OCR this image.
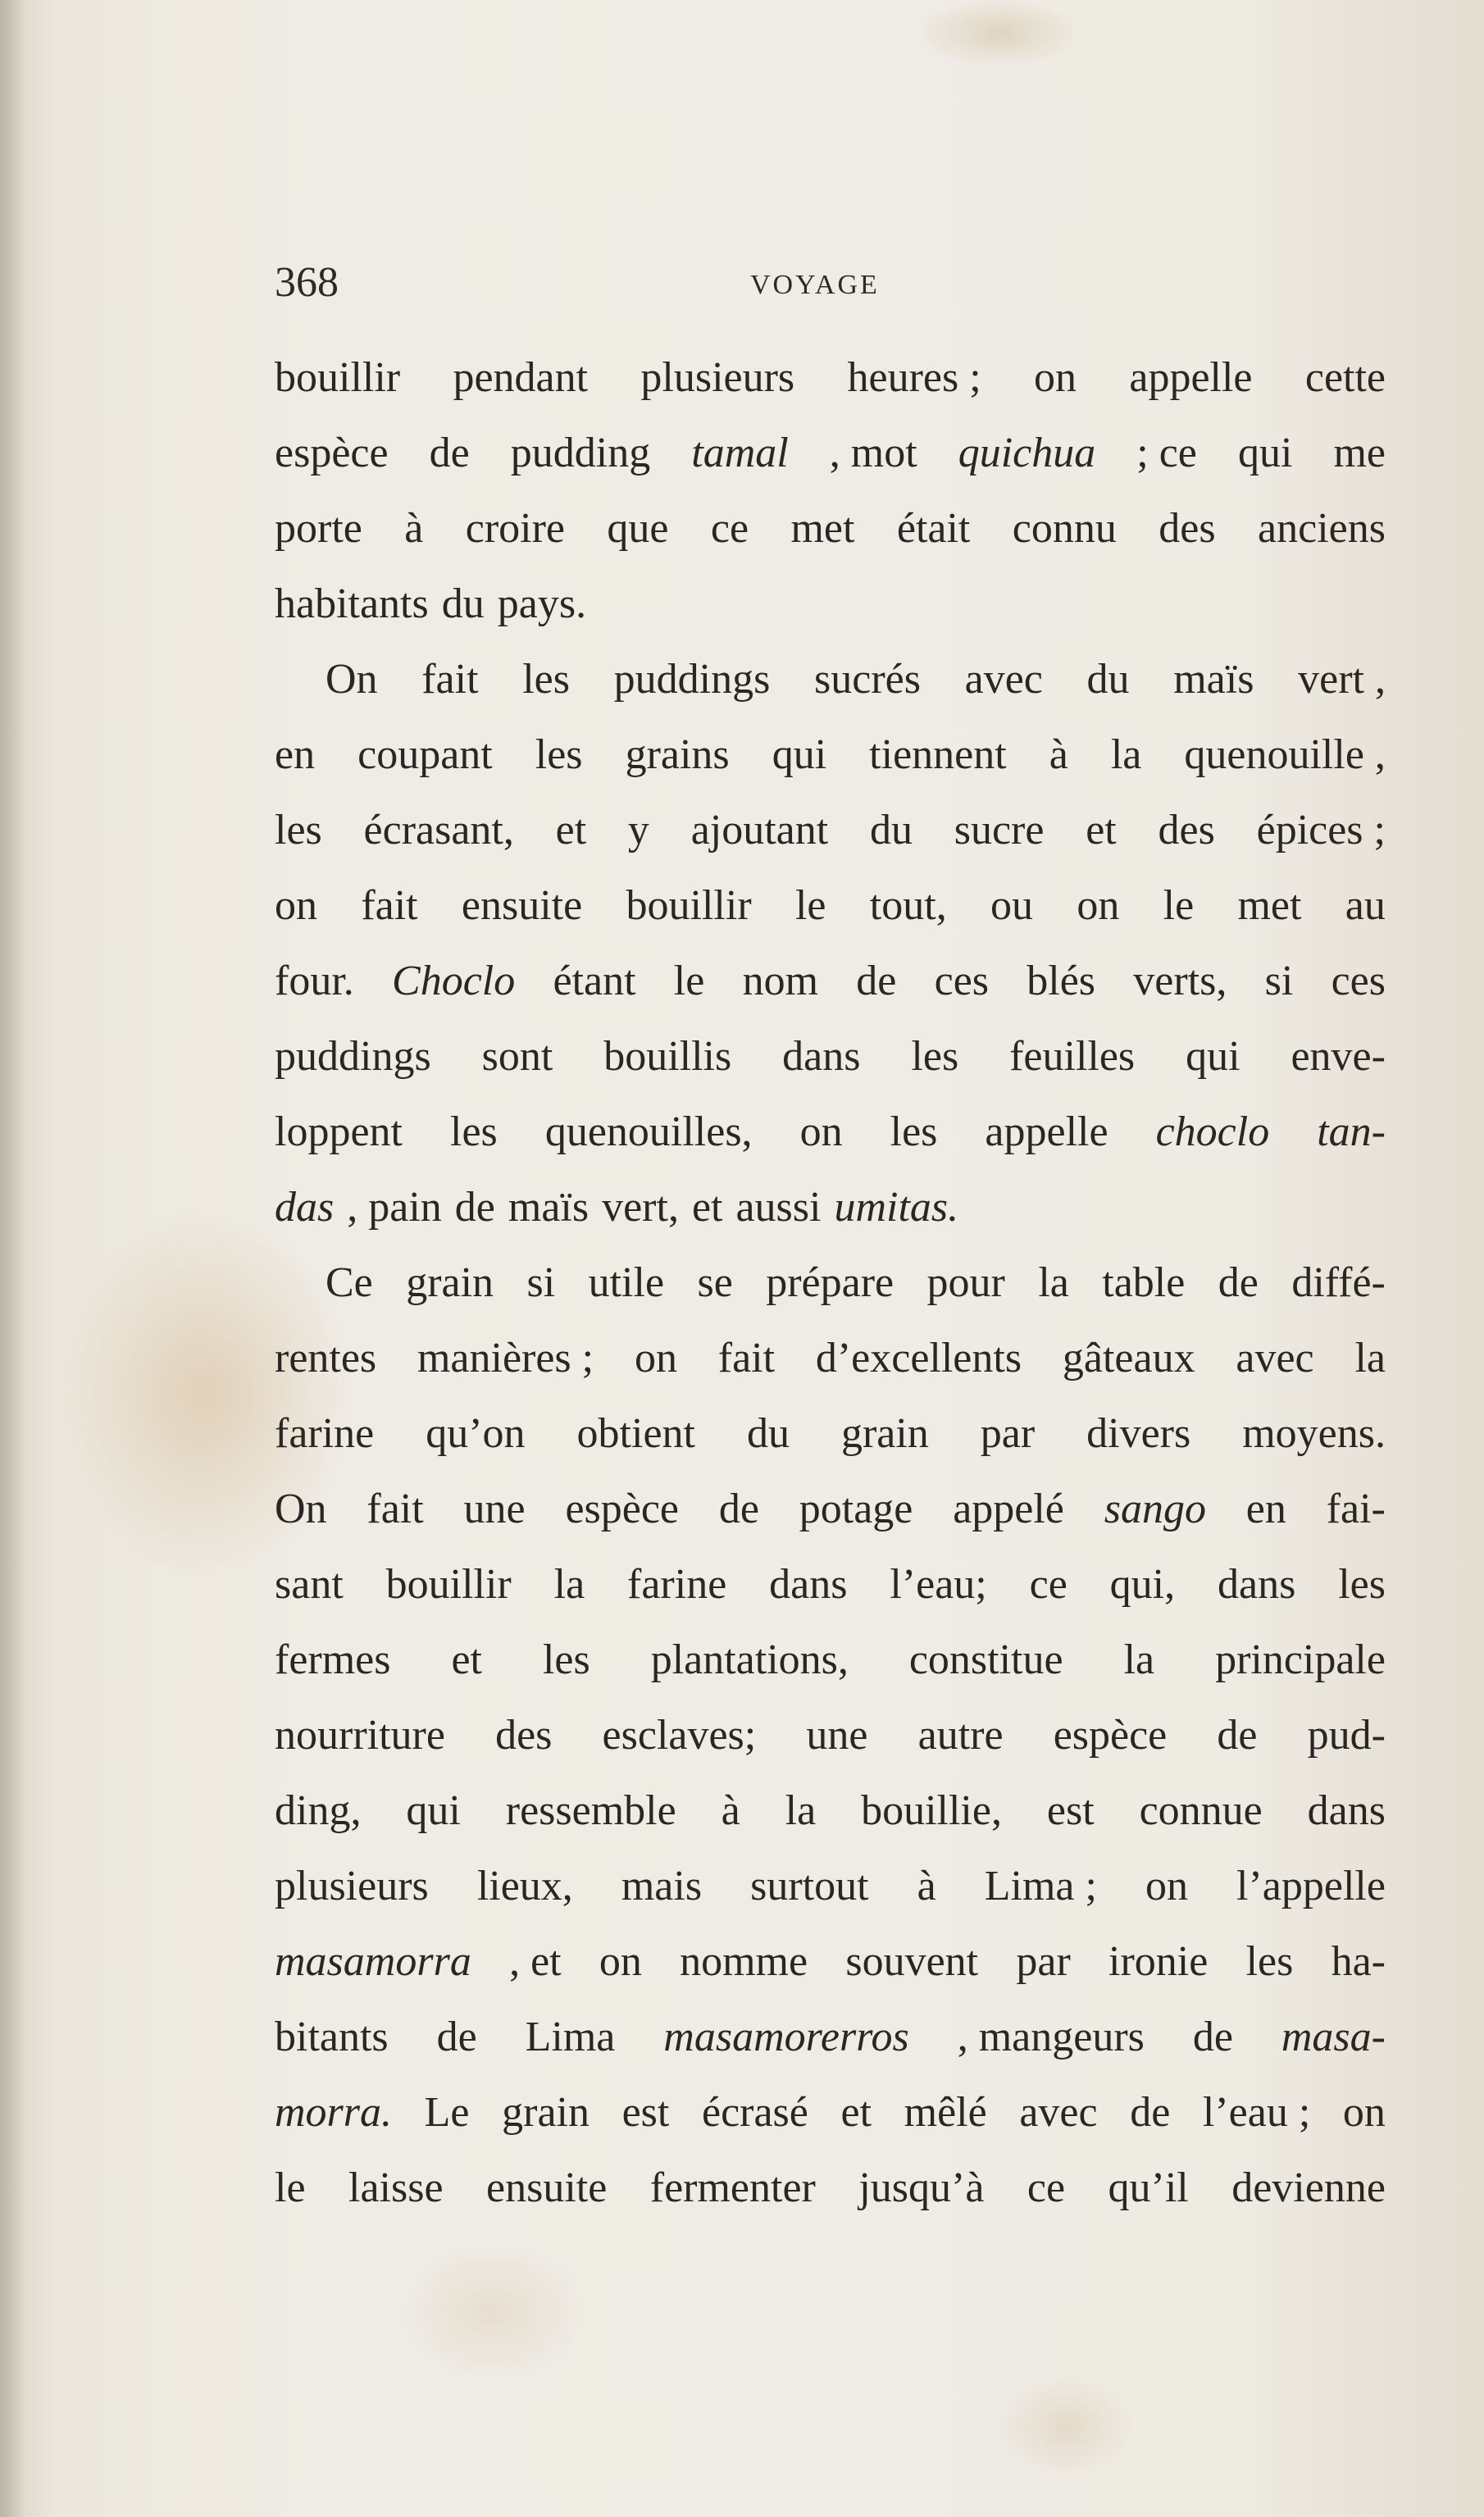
368	VOYAGE
bouillir pendant plusieurs heures ; on appelle cette
espèce de pudding tamal , mot quichua ; ce qui me
porte à croire que ce met était connu des anciens
habitants du pays.
On fait les puddings sucrés avec du maïs vert ,
en coupant les grains qui tiennent à la quenouille ,
les écrasant, et y ajoutant du sucre et des épices ;
on fait ensuite bouillir le tout, ou on le met au
four. Choclo étant le nom de ces blés verts, si ces
puddings sont bouillis dans les feuilles qui enve-
loppent les quenouilles, on les appelle choclo tan-
das , pain de maïs vert, et aussi umitas.
Ce grain si utile se prépare pour la table de diffé-
rentes manières ; on fait d’excellents gâteaux avec la
farine qu’on obtient du grain par divers moyens.
On fait une espèce de potage appelé sango en fai-
sant bouillir la farine dans l’eau; ce qui, dans les
fermes et les plantations, constitue la principale
nourriture des esclaves; une autre espèce de pud-
ding, qui ressemble à la bouillie, est connue dans
plusieurs lieux, mais surtout à Lima ; on l’appelle
masamorra , et on nomme souvent par ironie les ha-
bitants de Lima masamorerros , mangeurs de masa-
morra. Le grain est écrasé et mêlé avec de l’eau ; on
le laisse ensuite fermenter jusqu’à ce qu’il devienne
